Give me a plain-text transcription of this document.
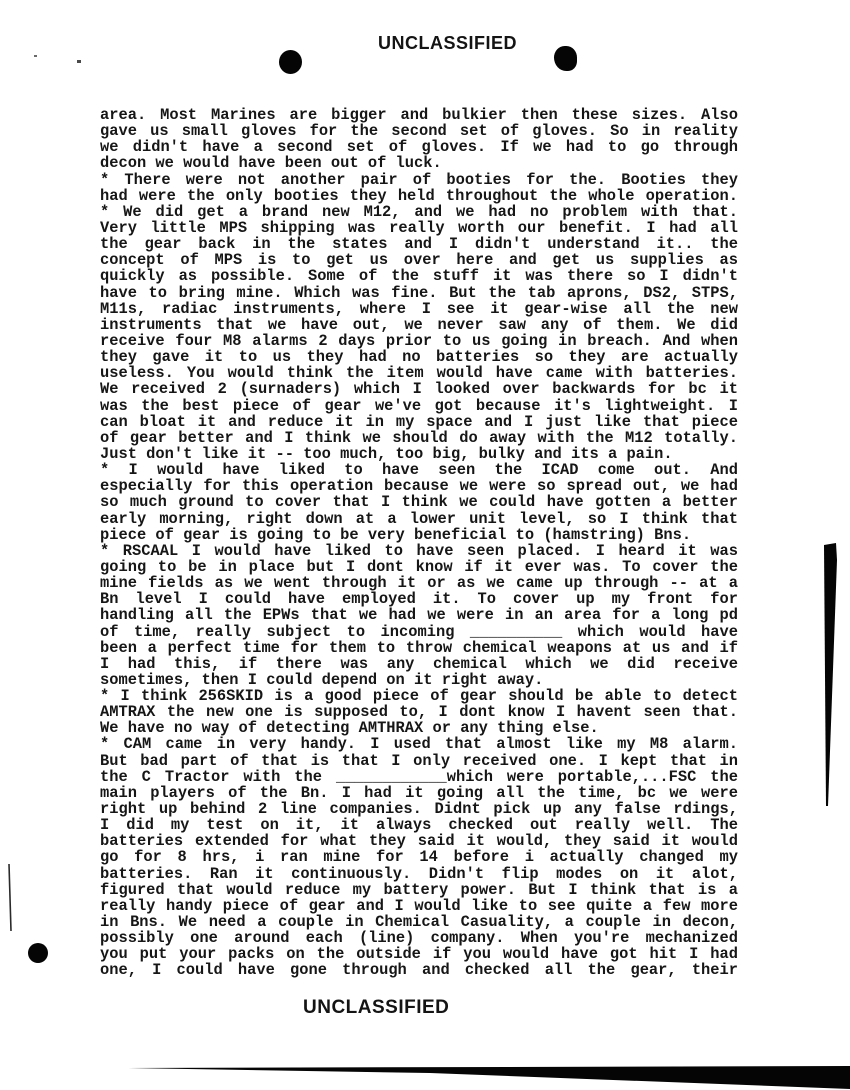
UNCLASSIFIED
area. Most Marines are bigger and bulkier then these sizes. Also
gave us small gloves for the second set of gloves. So in reality
we didn't have a second set of gloves. If we had to go through
decon we would have been out of luck.
* There were not another pair of booties for the. Booties they
had were the only booties they held throughout the whole operation.
* We did get a brand new M12, and we had no problem with that.
Very little MPS shipping was really worth our benefit. I had all
the gear back in the states and I didn't understand it.. the
concept of MPS is to get us over here and get us supplies as
quickly as possible. Some of the stuff it was there so I didn't
have to bring mine. Which was fine. But the tab aprons, DS2, STPS,
M11s, radiac instruments, where I see it gear-wise all the new
instruments that we have out, we never saw any of them. We did
receive four M8 alarms 2 days prior to us going in breach. And when
they gave it to us they had no batteries so they are actually
useless. You would think the item would have came with batteries.
We received 2 (surnaders) which I looked over backwards for bc it
was the best piece of gear we've got because it's lightweight. I
can bloat it and reduce it in my space and I just like that piece
of gear better and I think we should do away with the M12 totally.
Just don't like it -- too much, too big, bulky and its a pain.
* I would have liked to have seen the ICAD come out. And
especially for this operation because we were so spread out, we had
so much ground to cover that I think we could have gotten a better
early morning, right down at a lower unit level, so I think that
piece of gear is going to be very beneficial to (hamstring) Bns.
* RSCAAL I would have liked to have seen placed. I heard it was
going to be in place but I dont know if it ever was. To cover the
mine fields as we went through it or as we came up through -- at a
Bn level I could have employed it. To cover up my front for
handling all the EPWs that we had we were in an area for a long pd
of time, really subject to incoming __________ which would have
been a perfect time for them to throw chemical weapons at us and if
I had this, if there was any chemical which we did receive
sometimes, then I could depend on it right away.
* I think 256SKID is a good piece of gear should be able to detect
AMTRAX the new one is supposed to, I dont know I havent seen that.
We have no way of detecting AMTHRAX or any thing else.
* CAM came in very handy. I used that almost like my M8 alarm.
But bad part of that is that I only received one. I kept that in
the C Tractor with the ____________which were portable,...FSC the
main players of the Bn. I had it going all the time, bc we were
right up behind 2 line companies. Didnt pick up any false rdings,
I did my test on it, it always checked out really well. The
batteries extended for what they said it would, they said it would
go for 8 hrs, i ran mine for 14 before i actually changed my
batteries. Ran it continuously. Didn't flip modes on it alot,
figured that would reduce my battery power. But I think that is a
really handy piece of gear and I would like to see quite a few more
in Bns. We need a couple in Chemical Casuality, a couple in decon,
possibly one around each (line) company. When you're mechanized
you put your packs on the outside if you would have got hit I had
one, I could have gone through and checked all the gear, their
UNCLASSIFIED
